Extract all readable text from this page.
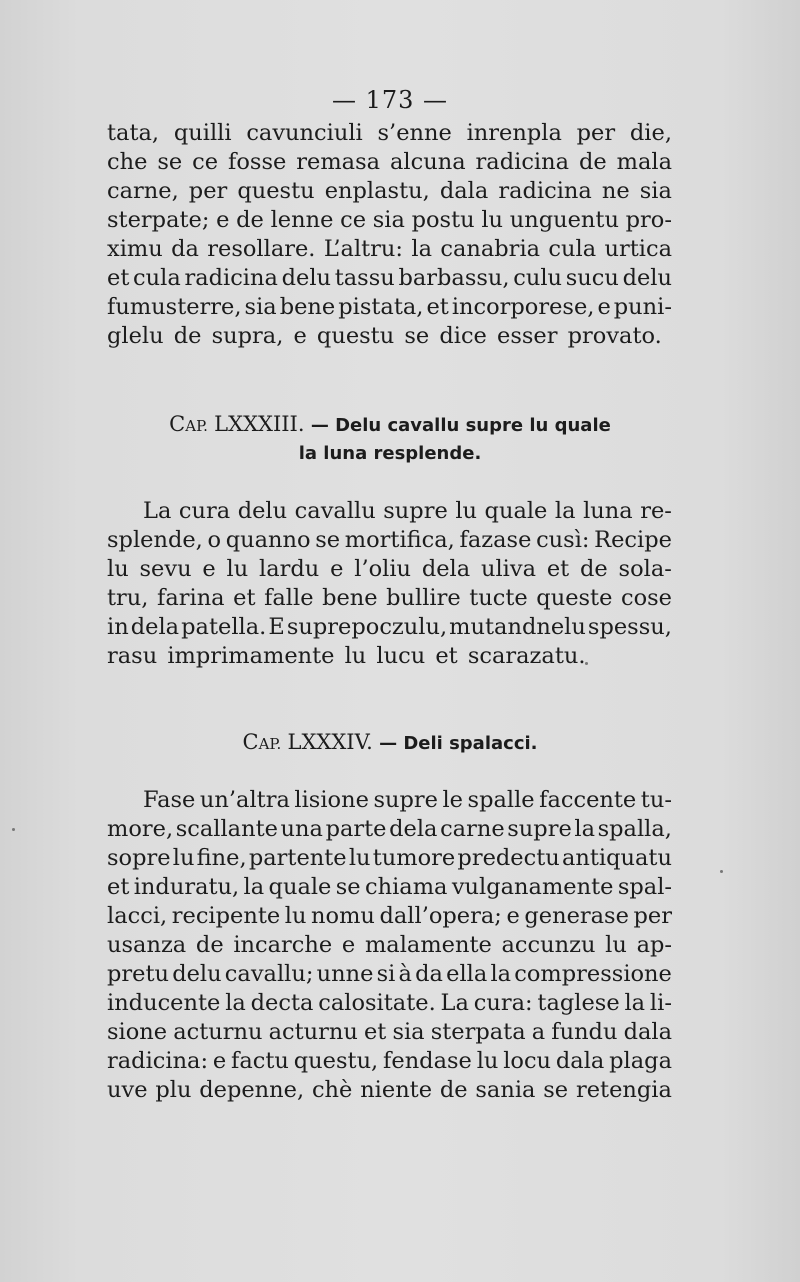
— 173 —
tata, quilli cavunciuli s’enne inrenpla per die,
che se ce fosse remasa alcuna radicina de mala
carne, per questu enplastu, dala radicina ne sia
sterpate; e de lenne ce sia postu lu unguentu pro-
ximu da resollare. L’altru: la canabria cula urtica
et cula radicina delu tassu barbassu, culu sucu delu
fumusterre, sia bene pistata, et incorporese, e puni-
glelu de supra, e questu se dice esser provato.
CAP. LXXXIII. — Delu cavallu supre lu quale
la luna resplende.
La cura delu cavallu supre lu quale la luna re-
splende, o quanno se mortifica, fazase cusì: Recipe
lu sevu e lu lardu e l’oliu dela uliva et de sola-
tru, farina et falle bene bullire tucte queste cose
in dela patella. E suprepoczulu, mutandnelu spessu,
rasu imprimamente lu lucu et scarazatu.
CAP. LXXXIV. — Deli spalacci.
Fase un’altra lisione supre le spalle faccente tu-
more, scallante una parte dela carne supre la spalla,
sopre lu fine, partente lu tumore predectu antiquatu
et induratu, la quale se chiama vulganamente spal-
lacci, recipente lu nomu dall’opera; e generase per
usanza de incarche e malamente accunzu lu ap-
pretu delu cavallu; unne si à da ella la compressione
inducente la decta calositate. La cura: taglese la li-
sione acturnu acturnu et sia sterpata a fundu dala
radicina: e factu questu, fendase lu locu dala plaga
uve plu depenne, chè niente de sania se retengia
